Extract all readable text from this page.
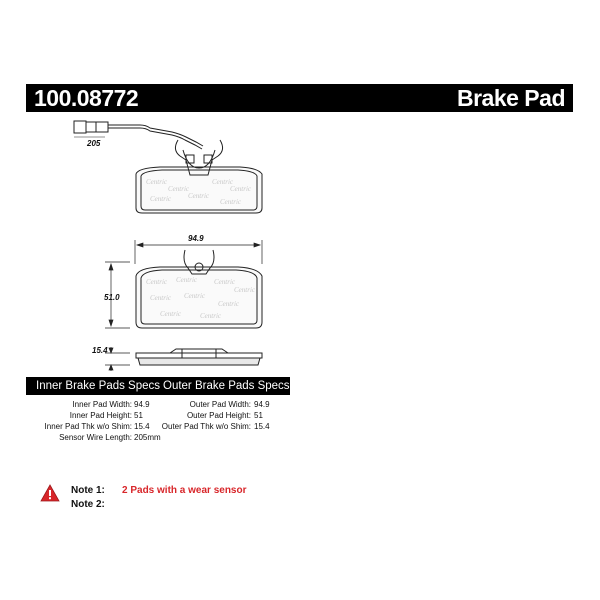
100.08772	Brake Pad
205
Centric
Centric
Centric
Centric
Centric Centric
Centric
94.9
51.0
Centric Centric Centric
Centric
Centric Centric
Centric
Centric	Centric
15.4
Inner Brake Pads Specs Outer Brake Pads Specs
Inner Pad Width: 94.9
Inner Pad Height: 51
Inner Pad Thk w/o Shim: 15.4
Sensor Wire Length: 205mm
Outer Pad Width: 94.9
Outer Pad Height: 51
Outer Pad Thk w/o Shim: 15.4
Note 1: 2 Pads with a wear sensor
Note 2:
